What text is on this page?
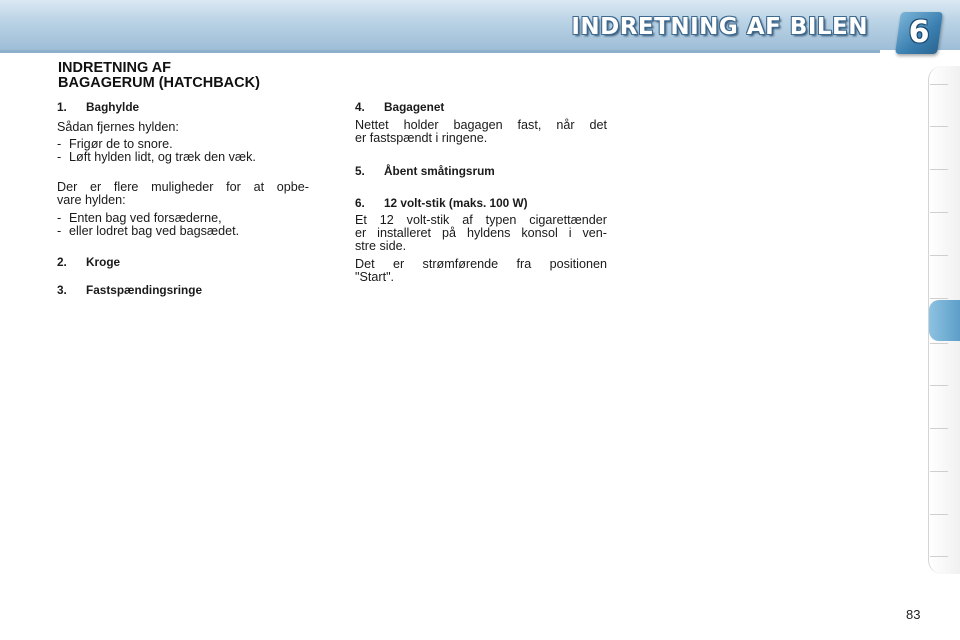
INDRETNING AF BILEN	6
INDRETNING AF
BAGAGERUM (HATCHBACK)
1.	Baghylde

Sådan fjernes hylden:

- Frigør de to snore.
- Løft hylden lidt, og træk den væk.

Der er flere muligheder for at opbe-
vare hylden:

- Enten bag ved forsæderne,
- eller lodret bag ved bagsædet.
2.	Kroge
3.	Fastspændingsringe
4.	Bagagenet

Nettet holder bagagen fast, når det
er fastspændt i ringene.

5.	Åbent småtingsrum
6.	12 volt-stik (maks. 100 W)

Et 12 volt-stik af typen cigarettænder
er installeret på hyldens konsol i ven-
stre side.

Det er strømførende fra positionen
"Start".

83
